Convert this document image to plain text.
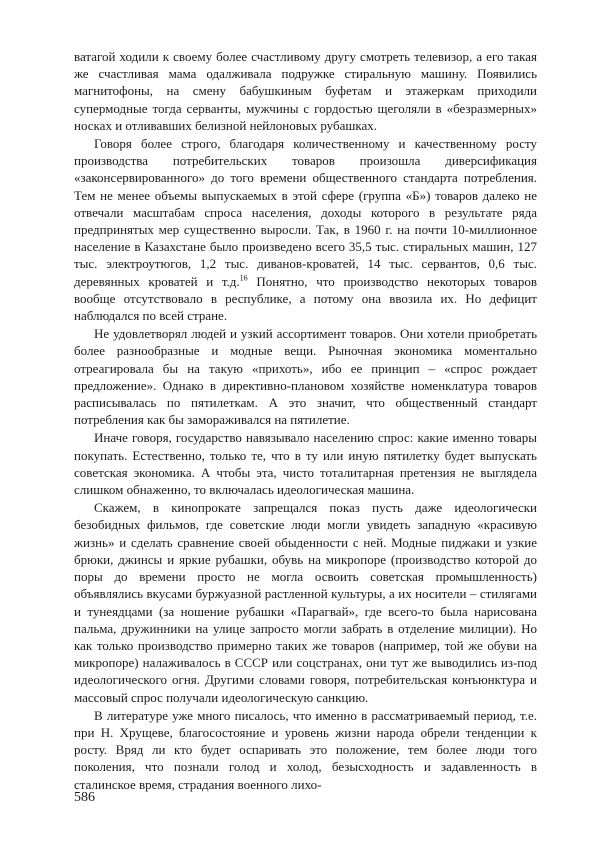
ватагой ходили к своему более счастливому другу смотреть телевизор, а его такая же счастливая мама одалживала подружке стиральную машину. Появились магнитофоны, на смену бабушкиным буфетам и этажеркам приходили супермодные тогда серванты, мужчины с гордостью щеголяли в «безразмерных» носках и отливавших белизной нейлоновых рубашках.

Говоря более строго, благодаря количественному и качественному росту производства потребительских товаров произошла диверсификация «законсервированного» до того времени общественного стандарта потребления. Тем не менее объемы выпускаемых в этой сфере (группа «Б») товаров далеко не отвечали масштабам спроса населения, доходы которого в результате ряда предпринятых мер существенно выросли. Так, в 1960 г. на почти 10-миллионное население в Казахстане было произведено всего 35,5 тыс. стиральных машин, 127 тыс. электроутюгов, 1,2 тыс. диванов-кроватей, 14 тыс. сервантов, 0,6 тыс. деревянных кроватей и т.д.$^{16}$ Понятно, что производство некоторых товаров вообще отсутствовало в республике, а потому она ввозила их. Но дефицит наблюдался по всей стране.

Не удовлетворял людей и узкий ассортимент товаров. Они хотели приобретать более разнообразные и модные вещи. Рыночная экономика моментально отреагировала бы на такую «прихоть», ибо ее принцип – «спрос рождает предложение». Однако в директивно-плановом хозяйстве номенклатура товаров расписывалась по пятилеткам. А это значит, что общественный стандарт потребления как бы замораживался на пятилетие.

Иначе говоря, государство навязывало населению спрос: какие именно товары покупать. Естественно, только те, что в ту или иную пятилетку будет выпускать советская экономика. А чтобы эта, чисто тоталитарная претензия не выглядела слишком обнаженно, то включалась идеологическая машина.

Скажем, в кинопрокате запрещался показ пусть даже идеологически безобидных фильмов, где советские люди могли увидеть западную «красивую жизнь» и сделать сравнение своей обыденности с ней. Модные пиджаки и узкие брюки, джинсы и яркие рубашки, обувь на микропоре (производство которой до поры до времени просто не могла освоить советская промышленность) объявлялись вкусами буржуазной растленной культуры, а их носители – стилягами и тунеядцами (за ношение рубашки «Парагвай», где всего-то была нарисована пальма, дружинники на улице запросто могли забрать в отделение милиции). Но как только производство примерно таких же товаров (например, той же обуви на микропоре) налаживалось в СССР или соцстранах, они тут же выводились из-под идеологического огня. Другими словами говоря, потребительская конъюнктура и массовый спрос получали идеологическую санкцию.

В литературе уже много писалось, что именно в рассматриваемый период, т.е. при Н. Хрущеве, благосостояние и уровень жизни народа обрели тенденции к росту. Вряд ли кто будет оспаривать это положение, тем более люди того поколения, что познали голод и холод, безысходность и задавленность в сталинское время, страдания военного лихо-

586
